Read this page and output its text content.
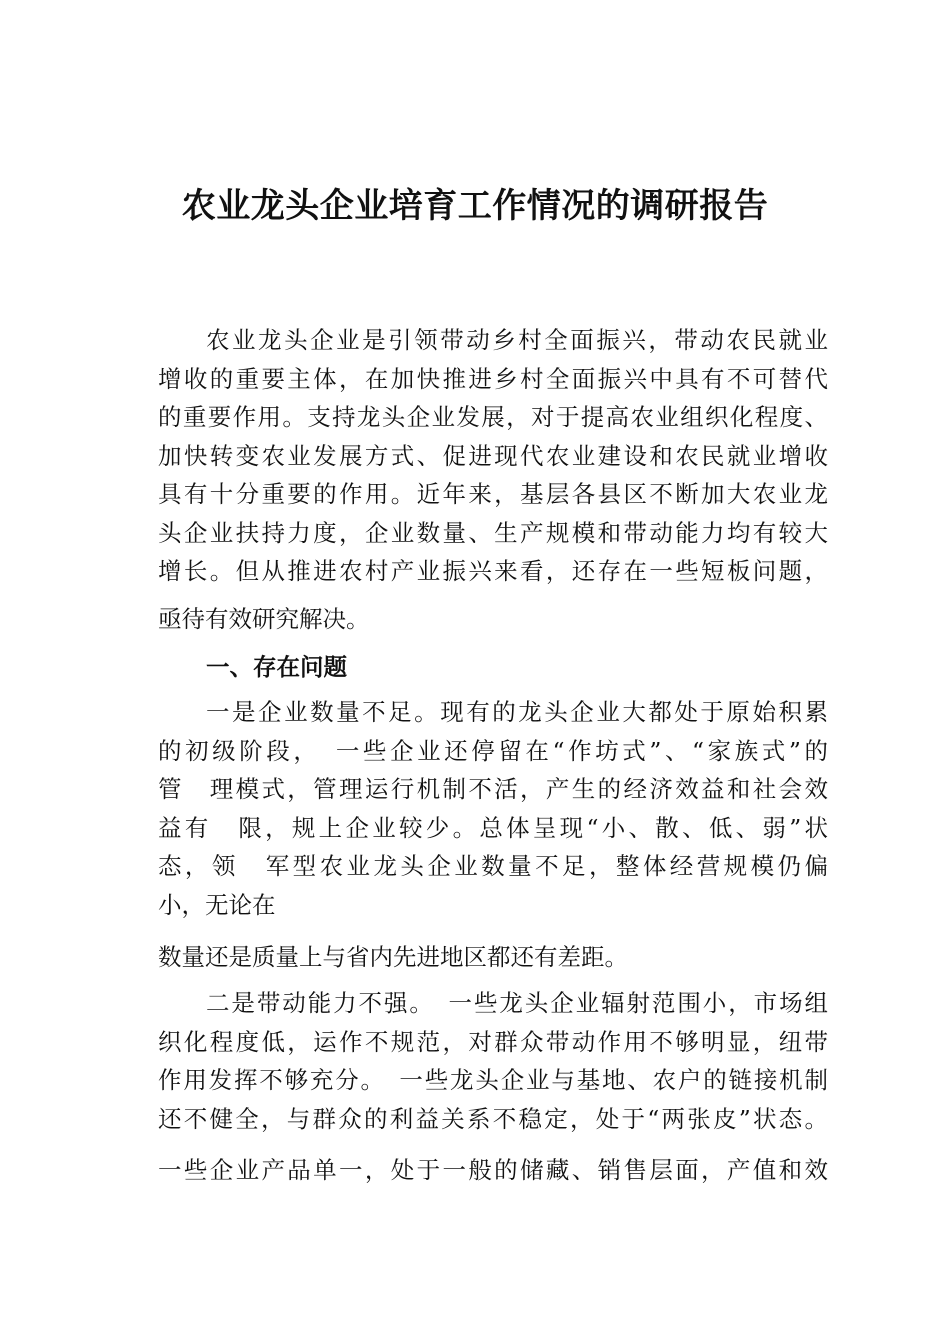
农业龙头企业培育工作情况的调研报告
农业龙头企业是引领带动乡村全面振兴，带动农民就业
增收的重要主体，在加快推进乡村全面振兴中具有不可替代
的重要作用。支持龙头企业发展，对于提高农业组织化程度、
加快转变农业发展方式、促进现代农业建设和农民就业增收
具有十分重要的作用。近年来，基层各县区不断加大农业龙
头企业扶持力度，企业数量、生产规模和带动能力均有较大
增长。但从推进农村产业振兴来看，还存在一些短板问题，
亟待有效研究解决。
一、存在问题
一是企业数量不足。现有的龙头企业大都处于原始积累
的初级阶段，　一些企业还停留在“作坊式”、“家族式”的
管　理模式，管理运行机制不活，产生的经济效益和社会效
益有　限，规上企业较少。总体呈现“小、散、低、弱”状
态，领　军型农业龙头企业数量不足，整体经营规模仍偏
小，无论在
数量还是质量上与省内先进地区都还有差距。
二是带动能力不强。　一些龙头企业辐射范围小，市场组
织化程度低，运作不规范，对群众带动作用不够明显，纽带
作用发挥不够充分。　一些龙头企业与基地、农户的链接机制
还不健全，与群众的利益关系不稳定，处于“两张皮”状态。
一些企业产品单一，处于一般的储藏、销售层面，产值和效
